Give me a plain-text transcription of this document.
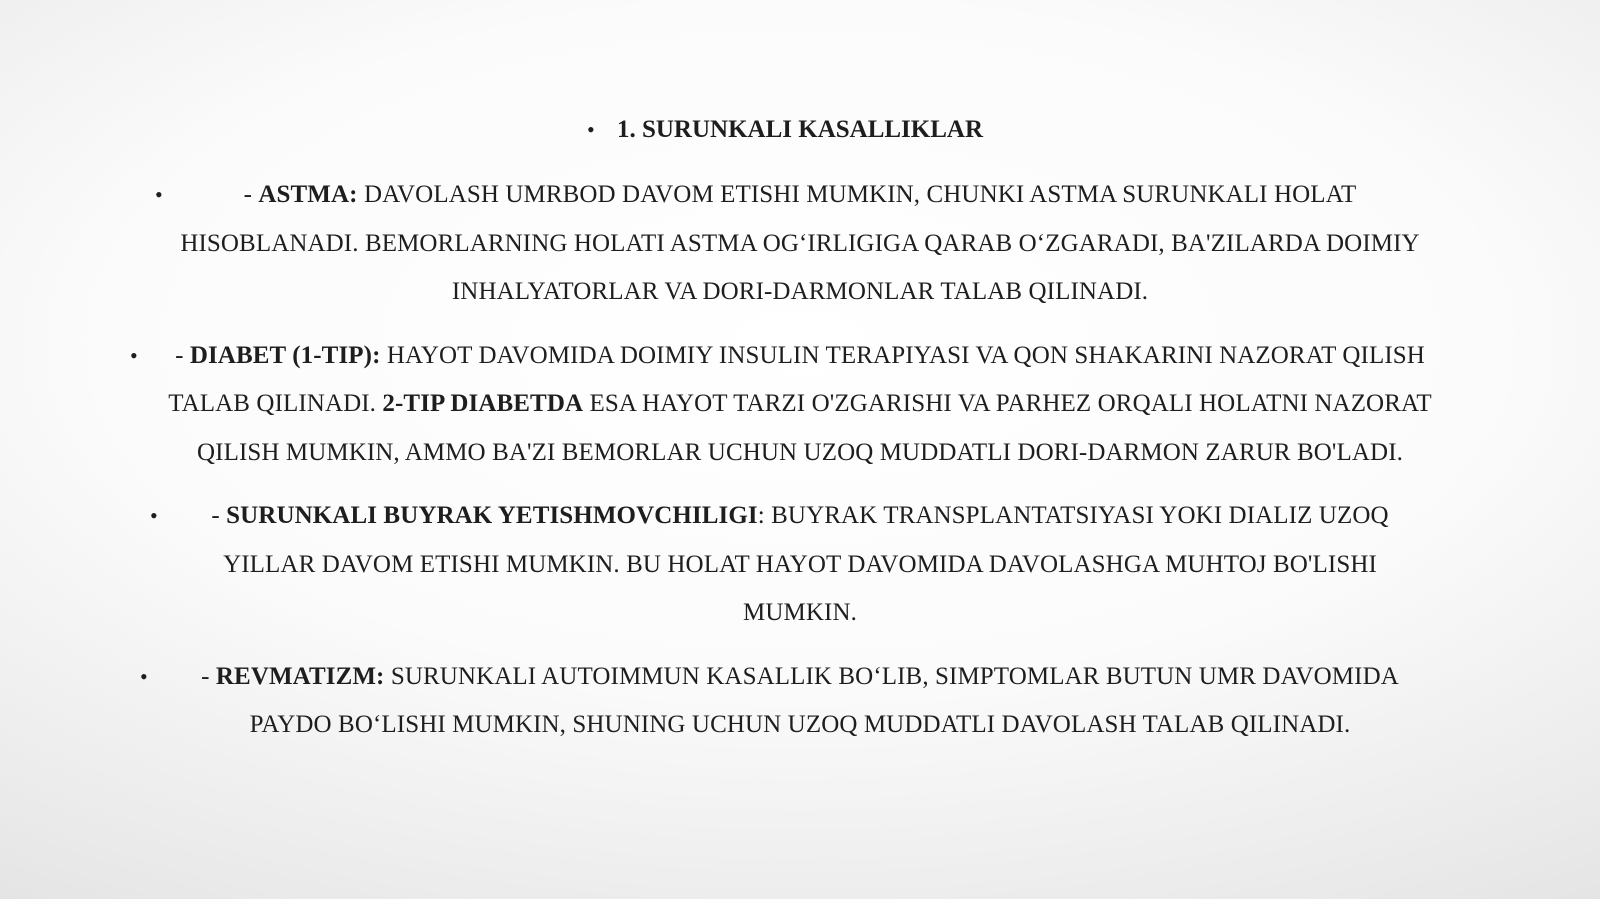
• 1. SURUNKALI KASALLIKLAR
•	- ASTMA: DAVOLASH UMRBOD DAVOM ETISHI MUMKIN, CHUNKI ASTMA SURUNKALI HOLAT HISOBLANADI. BEMORLARNING HOLATI ASTMA OG‘IRLIGIGA QARAB O‘ZGARADI, BA'ZILARDA DOIMIY INHALYATORLAR VA DORI-DARMONLAR TALAB QILINADI.
• - DIABET (1-TIP): HAYOT DAVOMIDA DOIMIY INSULIN TERAPIYASI VA QON SHAKARINI NAZORAT QILISH TALAB QILINADI. 2-TIP DIABETDA ESA HAYOT TARZI O'ZGARISHI VA PARHEZ ORQALI HOLATNI NAZORAT QILISH MUMKIN, AMMO BA'ZI BEMORLAR UCHUN UZOQ MUDDATLI DORI-DARMON ZARUR BO'LADI.
• - SURUNKALI BUYRAK YETISHMOVCHILIGI: BUYRAK TRANSPLANTATSIYASI YOKI DIALIZ UZOQ YILLAR DAVOM ETISHI MUMKIN. BU HOLAT HAYOT DAVOMIDA DAVOLASHGA MUHTOJ BO'LISHI MUMKIN.
• - REVMATIZM: SURUNKALI AUTOIMMUN KASALLIK BO‘LIB, SIMPTOMLAR BUTUN UMR DAVOMIDA PAYDO BO‘LISHI MUMKIN, SHUNING UCHUN UZOQ MUDDATLI DAVOLASH TALAB QILINADI.
